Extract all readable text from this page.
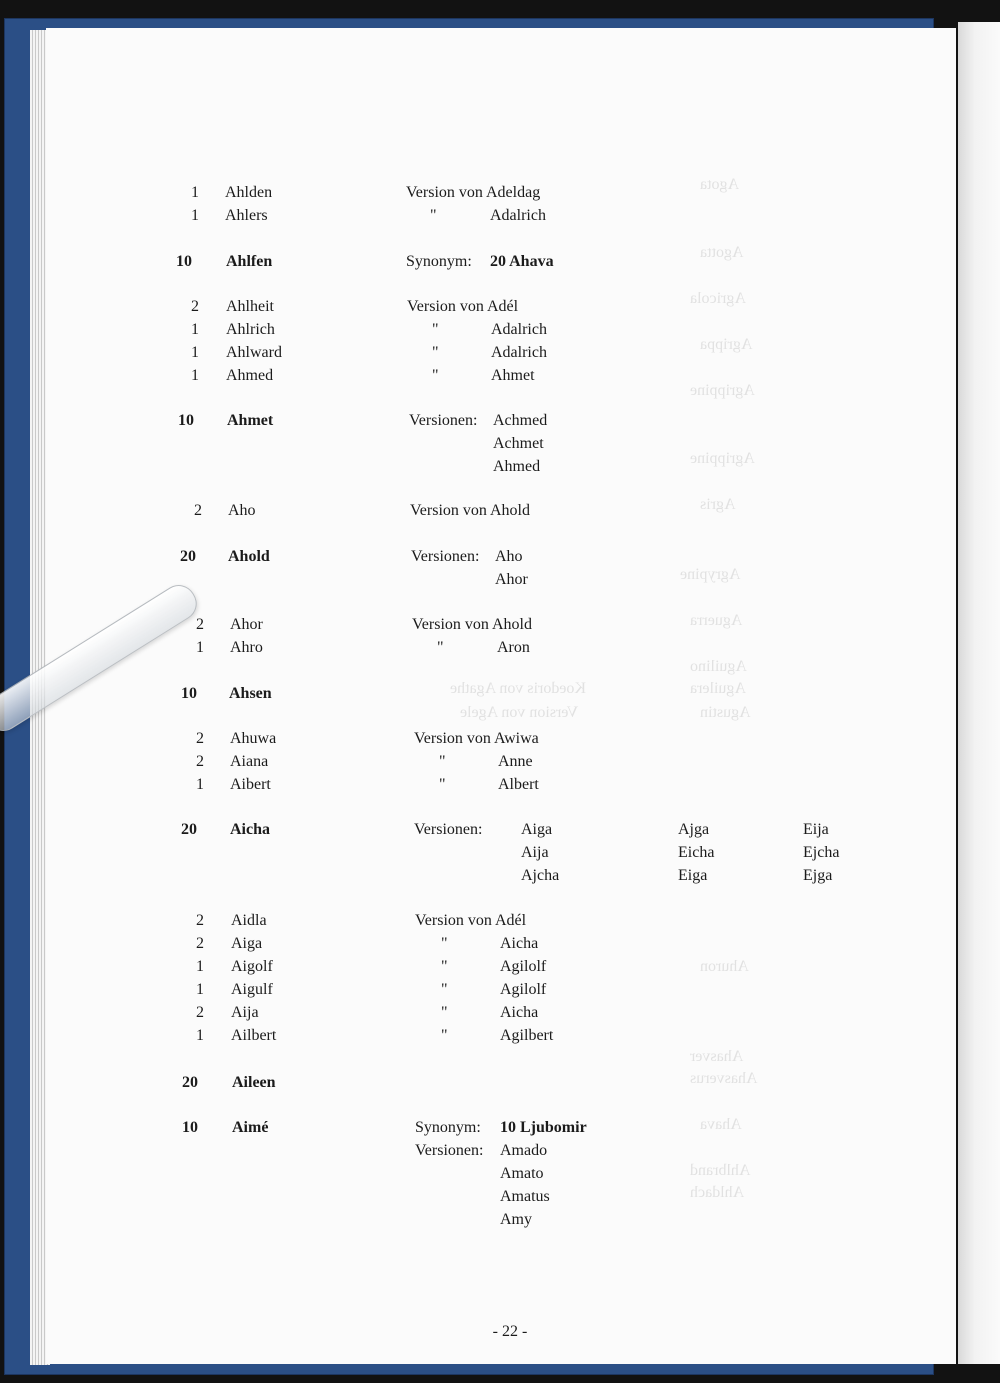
Agota
Agotta
Agricola
Agrippa
Agrippine
Agrippine
Agris
Agrypine
Aguerra
Aguilino
Aguilera
Agustin
Koedoris von Agathe
Version von Agele
Ahuron
Ahasver
Ahasverus
Ahava
Ahlbrand
Ahldach
1 Ahlden	Version von Adeldag
1 Ahlers	"	Adalrich
10 Ahlfen	Synonym: 20 Ahava
2 Ahlheit	Version von Adél
1 Ahlrich	"	Adalrich
1 Ahlward	"	Adalrich
1 Ahmed	"	Ahmet
10 Ahmet	Versionen: Achmed
Achmet
Ahmed
2 Aho	Version von Ahold
20 Ahold	Versionen: Aho
Ahor
2 Ahor	Version von Ahold
1 Ahro	"	Aron
10 Ahsen
2 Ahuwa	Version von Awiwa
2 Aiana	"	Anne
1 Aibert	"	Albert
20 Aicha	Versionen: Aiga	Ajga	Eija
Aija	Eicha	Ejcha
Ajcha	Eiga	Ejga
2 Aidla	Version von Adél
2 Aiga	"	Aicha
1 Aigolf	"	Agilolf
1 Aigulf	"	Agilolf
2 Aija	"	Aicha
1 Ailbert	"	Agilbert
20 Aileen
10 Aimé	Synonym: 10 Ljubomir
Versionen: Amado
Amato
Amatus
Amy
- 22 -
